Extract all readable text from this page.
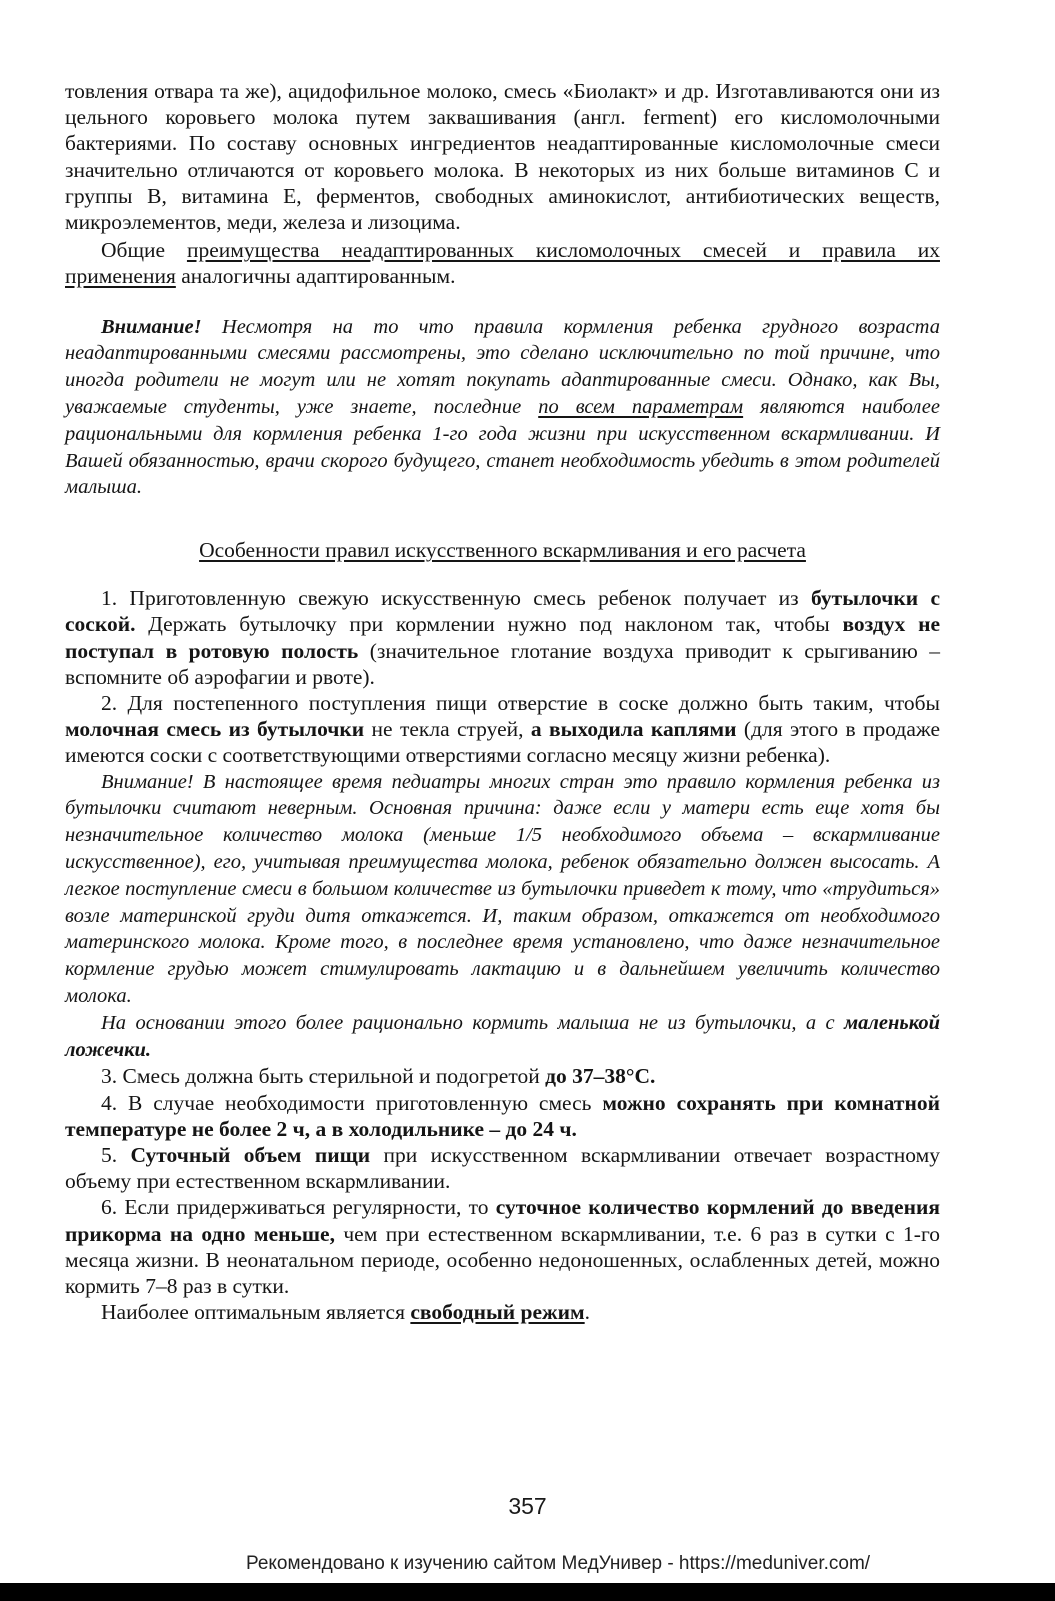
товления отвара та же), ацидофильное молоко, смесь «Биолакт» и др. Изготавливаются они из цельного коровьего молока путем заквашивания (англ. ferment) его кисломолочными бактериями. По составу основных ингредиентов неадаптированные кисломолочные смеси значительно отличаются от коровьего молока. В некоторых из них больше витаминов С и группы В, витамина Е, ферментов, свободных аминокислот, антибиотических веществ, микроэлементов, меди, железа и лизоцима.

Общие преимущества неадаптированных кисломолочных смесей и правила их применения аналогичны адаптированным.

Внимание! Несмотря на то что правила кормления ребенка грудного возраста неадаптированными смесями рассмотрены, это сделано исключительно по той причине, что иногда родители не могут или не хотят покупать адаптированные смеси. Однако, как Вы, уважаемые студенты, уже знаете, последние по всем параметрам являются наиболее рациональными для кормления ребенка 1-го года жизни при искусственном вскармливании. И Вашей обязанностью, врачи скорого будущего, станет необходимость убедить в этом родителей малыша.

Особенности правил искусственного вскармливания и его расчета

1. Приготовленную свежую искусственную смесь ребенок получает из бутылочки с соской. Держать бутылочку при кормлении нужно под наклоном так, чтобы воздух не поступал в ротовую полость (значительное глотание воздуха приводит к срыгиванию – вспомните об аэрофагии и рвоте).

2. Для постепенного поступления пищи отверстие в соске должно быть таким, чтобы молочная смесь из бутылочки не текла струей, а выходила каплями (для этого в продаже имеются соски с соответствующими отверстиями согласно месяцу жизни ребенка).

Внимание! В настоящее время педиатры многих стран это правило кормления ребенка из бутылочки считают неверным. Основная причина: даже если у матери есть еще хотя бы незначительное количество молока (меньше 1/5 необходимого объема – вскармливание искусственное), его, учитывая преимущества молока, ребенок обязательно должен высосать. А легкое поступление смеси в большом количестве из бутылочки приведет к тому, что «трудиться» возле материнской груди дитя откажется. И, таким образом, откажется от необходимого материнского молока. Кроме того, в последнее время установлено, что даже незначительное кормление грудью может стимулировать лактацию и в дальнейшем увеличить количество молока.

На основании этого более рационально кормить малыша не из бутылочки, а с маленькой ложечки.

3. Смесь должна быть стерильной и подогретой до 37–38°С.

4. В случае необходимости приготовленную смесь можно сохранять при комнатной температуре не более 2 ч, а в холодильнике – до 24 ч.

5. Суточный объем пищи при искусственном вскармливании отвечает возрастному объему при естественном вскармливании.

6. Если придерживаться регулярности, то суточное количество кормлений до введения прикорма на одно меньше, чем при естественном вскармливании, т.е. 6 раз в сутки с 1-го месяца жизни. В неонатальном периоде, особенно недоношенных, ослабленных детей, можно кормить 7–8 раз в сутки.

Наиболее оптимальным является свободный режим.

357
Рекомендовано к изучению сайтом МедУнивер - https://meduniver.com/
